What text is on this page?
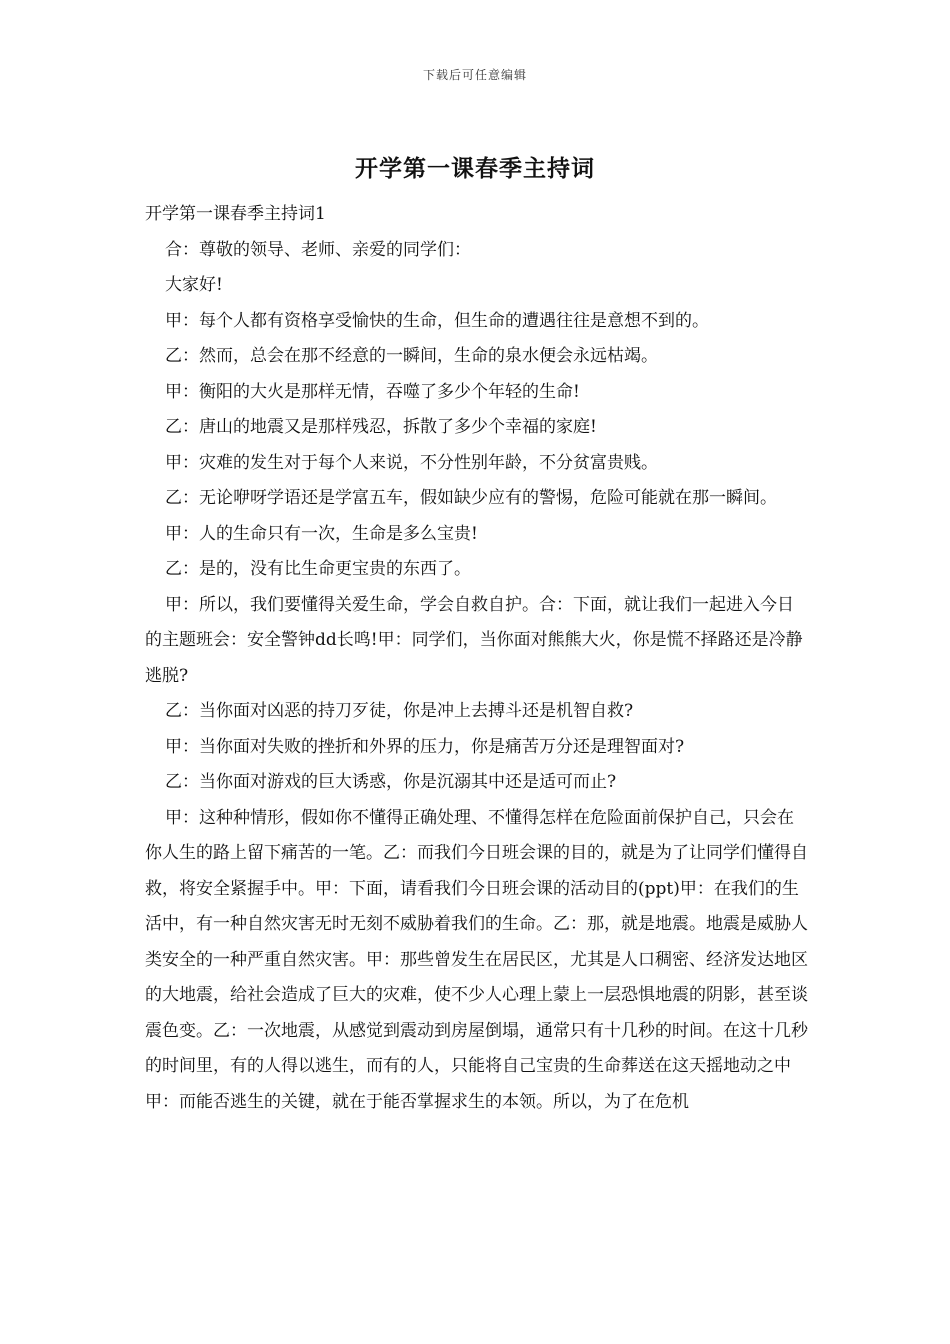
下载后可任意编辑
开学第一课春季主持词

开学第一课春季主持词1

合：尊敬的领导、老师、亲爱的同学们：

大家好!

甲：每个人都有资格享受愉快的生命，但生命的遭遇往往是意想不到的。

乙：然而，总会在那不经意的一瞬间，生命的泉水便会永远枯竭。

甲：衡阳的大火是那样无情，吞噬了多少个年轻的生命!

乙：唐山的地震又是那样残忍，拆散了多少个幸福的家庭!

甲：灾难的发生对于每个人来说，不分性别年龄，不分贫富贵贱。

乙：无论咿呀学语还是学富五车，假如缺少应有的警惕，危险可能就在那一瞬间。

甲：人的生命只有一次，生命是多么宝贵!

乙：是的，没有比生命更宝贵的东西了。

甲：所以，我们要懂得关爱生命，学会自救自护。合：下面，就让我们一起进入今日的主题班会：安全警钟dd长鸣!甲：同学们，当你面对熊熊大火，你是慌不择路还是冷静逃脱?

乙：当你面对凶恶的持刀歹徒，你是冲上去搏斗还是机智自救?

甲：当你面对失败的挫折和外界的压力，你是痛苦万分还是理智面对?

乙：当你面对游戏的巨大诱惑，你是沉溺其中还是适可而止?

甲：这种种情形，假如你不懂得正确处理、不懂得怎样在危险面前保护自己，只会在你人生的路上留下痛苦的一笔。乙：而我们今日班会课的目的，就是为了让同学们懂得自救，将安全紧握手中。甲：下面，请看我们今日班会课的活动目的(ppt)甲：在我们的生活中，有一种自然灾害无时无刻不威胁着我们的生命。乙：那，就是地震。地震是威胁人类安全的一种严重自然灾害。甲：那些曾发生在居民区，尤其是人口稠密、经济发达地区的大地震，给社会造成了巨大的灾难，使不少人心理上蒙上一层恐惧地震的阴影，甚至谈震色变。乙：一次地震，从感觉到震动到房屋倒塌，通常只有十几秒的时间。在这十几秒的时间里，有的人得以逃生，而有的人，只能将自己宝贵的生命葬送在这天摇地动之中甲：而能否逃生的关键，就在于能否掌握求生的本领。所以，为了在危机
